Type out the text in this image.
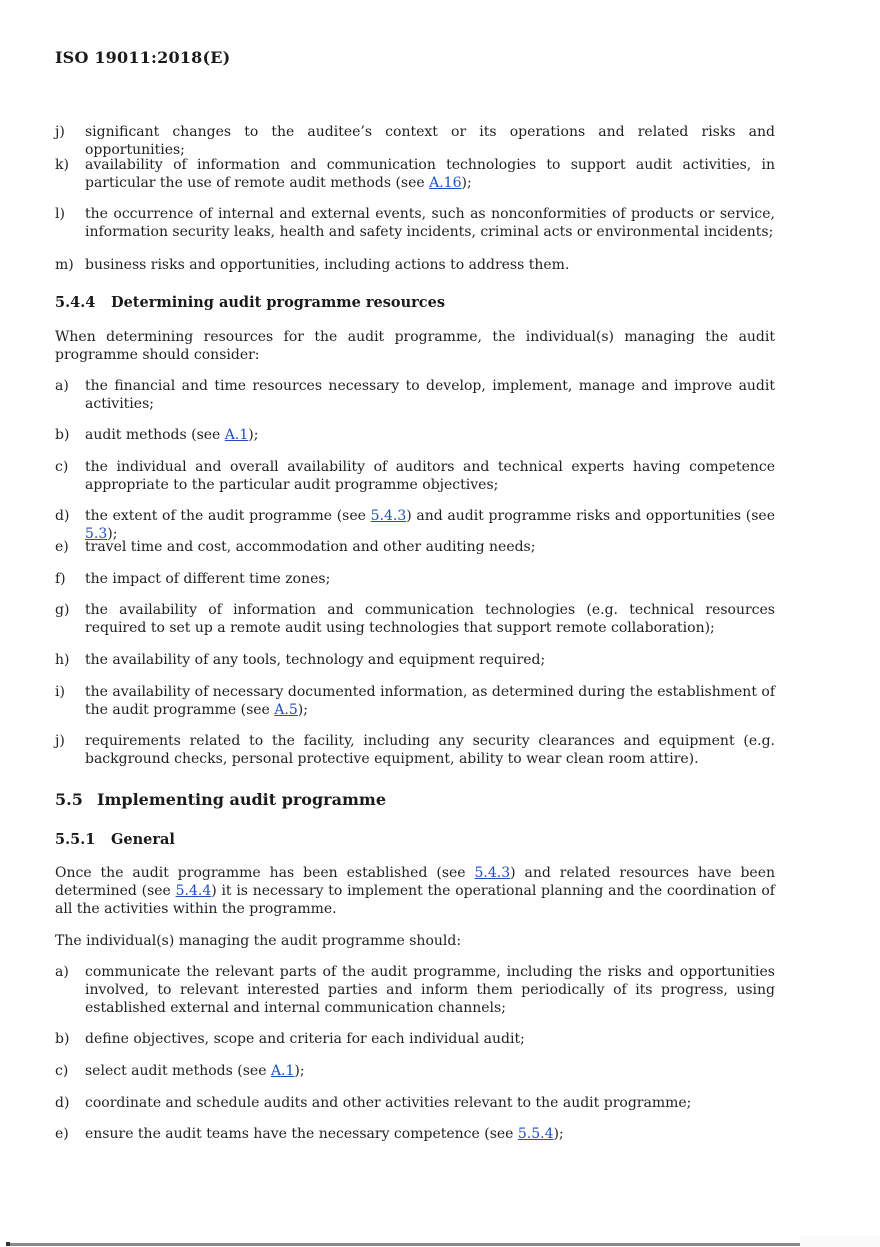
ISO 19011:2018(E)
j)	significant changes to the auditee’s context or its operations and related risks and opportunities;
k)	availability of information and communication technologies to support audit activities, in particular the use of remote audit methods (see A.16);
l)	the occurrence of internal and external events, such as nonconformities of products or service, information security leaks, health and safety incidents, criminal acts or environmental incidents;
m) business risks and opportunities, including actions to address them.
5.4.4 Determining audit programme resources
When determining resources for the audit programme, the individual(s) managing the audit programme should consider:
a)	the financial and time resources necessary to develop, implement, manage and improve audit activities;
b)	audit methods (see A.1);
c)	the individual and overall availability of auditors and technical experts having competence appropriate to the particular audit programme objectives;
d)	the extent of the audit programme (see 5.4.3) and audit programme risks and opportunities (see 5.3);
e)	travel time and cost, accommodation and other auditing needs;
f)	the impact of different time zones;
g)	the availability of information and communication technologies (e.g. technical resources required to set up a remote audit using technologies that support remote collaboration);
h)	the availability of any tools, technology and equipment required;
i)	the availability of necessary documented information, as determined during the establishment of the audit programme (see A.5);
j)	requirements related to the facility, including any security clearances and equipment (e.g. background checks, personal protective equipment, ability to wear clean room attire).
5.5 Implementing audit programme
5.5.1 General
Once the audit programme has been established (see 5.4.3) and related resources have been determined (see 5.4.4) it is necessary to implement the operational planning and the coordination of all the activities within the programme.
The individual(s) managing the audit programme should:
a)	communicate the relevant parts of the audit programme, including the risks and opportunities involved, to relevant interested parties and inform them periodically of its progress, using established external and internal communication channels;
b)	define objectives, scope and criteria for each individual audit;
c)	select audit methods (see A.1);
d)	coordinate and schedule audits and other activities relevant to the audit programme;
e)	ensure the audit teams have the necessary competence (see 5.5.4);
